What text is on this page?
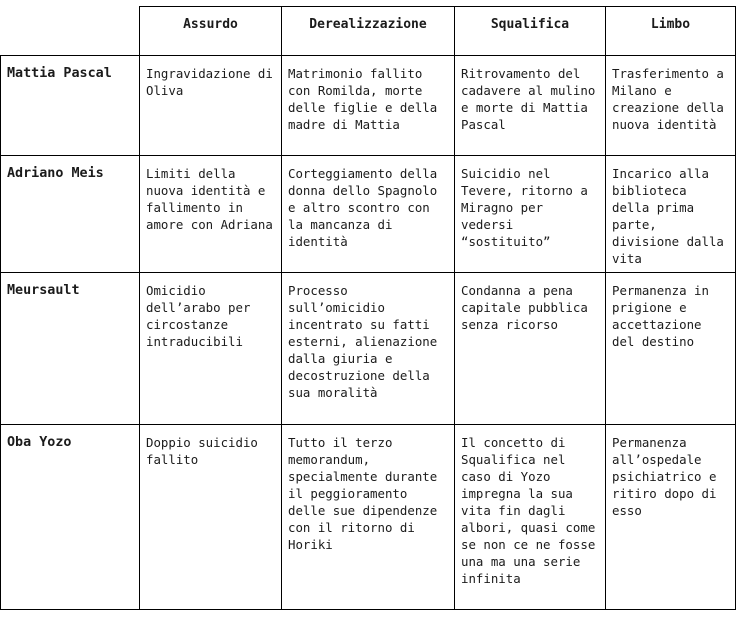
	Assurdo	Derealizzazione	Squalifica	Limbo
Mattia Pascal	Ingravidazione di Oliva	Matrimonio fallito con Romilda, morte delle figlie e della madre di Mattia	Ritrovamento del cadavere al mulino e morte di Mattia Pascal	Trasferimento a Milano e creazione della nuova identità
Adriano Meis	Limiti della nuova identità e fallimento in amore con Adriana	Corteggiamento della donna dello Spagnolo e altro scontro con la mancanza di identità	Suicidio nel Tevere, ritorno a Miragno per vedersi “sostituito”	Incarico alla biblioteca della prima parte, divisione dalla vita
Meursault	Omicidio dell’arabo per circostanze intraducibili	Processo sull’omicidio incentrato su fatti esterni, alienazione dalla giuria e decostruzione della sua moralità	Condanna a pena capitale pubblica senza ricorso	Permanenza in prigione e accettazione del destino
Oba Yozo	Doppio suicidio fallito	Tutto il terzo memorandum, specialmente durante il peggioramento delle sue dipendenze con il ritorno di Horiki	Il concetto di Squalifica nel caso di Yozo impregna la sua vita fin dagli albori, quasi come se non ce ne fosse una ma una serie infinita	Permanenza all’ospedale psichiatrico e ritiro dopo di esso
